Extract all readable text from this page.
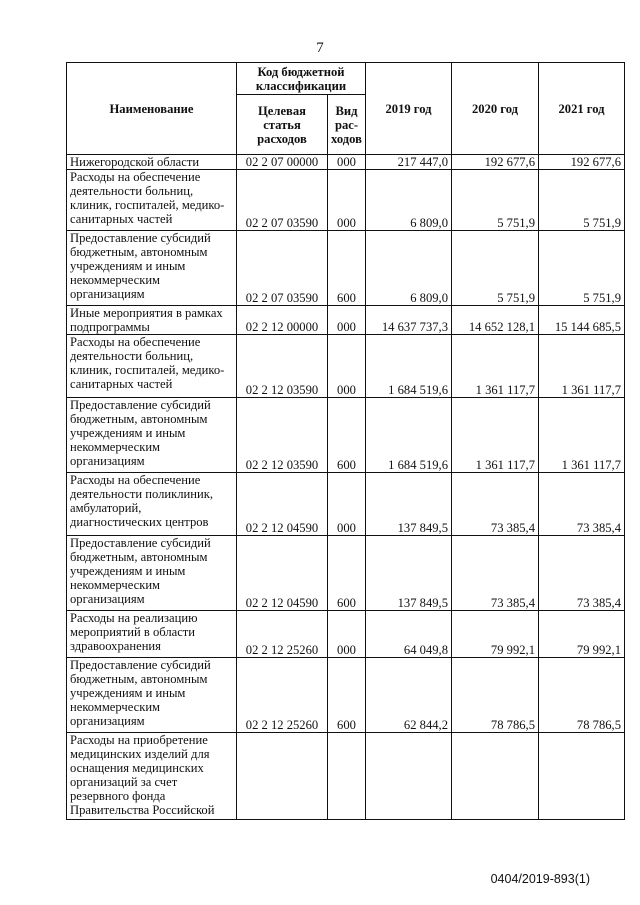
7
Наименование	Код бюджетной классификации		2019 год	2020 год	2021 год
	Целевая статья расходов	Вид рас-ходов			
Нижегородской области	02 2 07 00000	000	217 447,0	192 677,6	192 677,6
Расходы на обеспечение деятельности больниц, клиник, госпиталей, медико-санитарных частей	02 2 07 03590	000	6 809,0	5 751,9	5 751,9
Предоставление субсидий бюджетным, автономным учреждениям и иным некоммерческим организациям	02 2 07 03590	600	6 809,0	5 751,9	5 751,9
Иные мероприятия в рамках подпрограммы	02 2 12 00000	000	14 637 737,3	14 652 128,1	15 144 685,5
Расходы на обеспечение деятельности больниц, клиник, госпиталей, медико-санитарных частей	02 2 12 03590	000	1 684 519,6	1 361 117,7	1 361 117,7
Предоставление субсидий бюджетным, автономным учреждениям и иным некоммерческим организациям	02 2 12 03590	600	1 684 519,6	1 361 117,7	1 361 117,7
Расходы на обеспечение деятельности поликлиник, амбулаторий, диагностических центров	02 2 12 04590	000	137 849,5	73 385,4	73 385,4
Предоставление субсидий бюджетным, автономным учреждениям и иным некоммерческим организациям	02 2 12 04590	600	137 849,5	73 385,4	73 385,4
Расходы на реализацию мероприятий в области здравоохранения	02 2 12 25260	000	64 049,8	79 992,1	79 992,1
Предоставление субсидий бюджетным, автономным учреждениям и иным некоммерческим организациям	02 2 12 25260	600	62 844,2	78 786,5	78 786,5
Расходы на приобретение медицинских изделий для оснащения медицинских организаций за счет резервного фонда Правительства Российской					
0404/2019-893(1)
